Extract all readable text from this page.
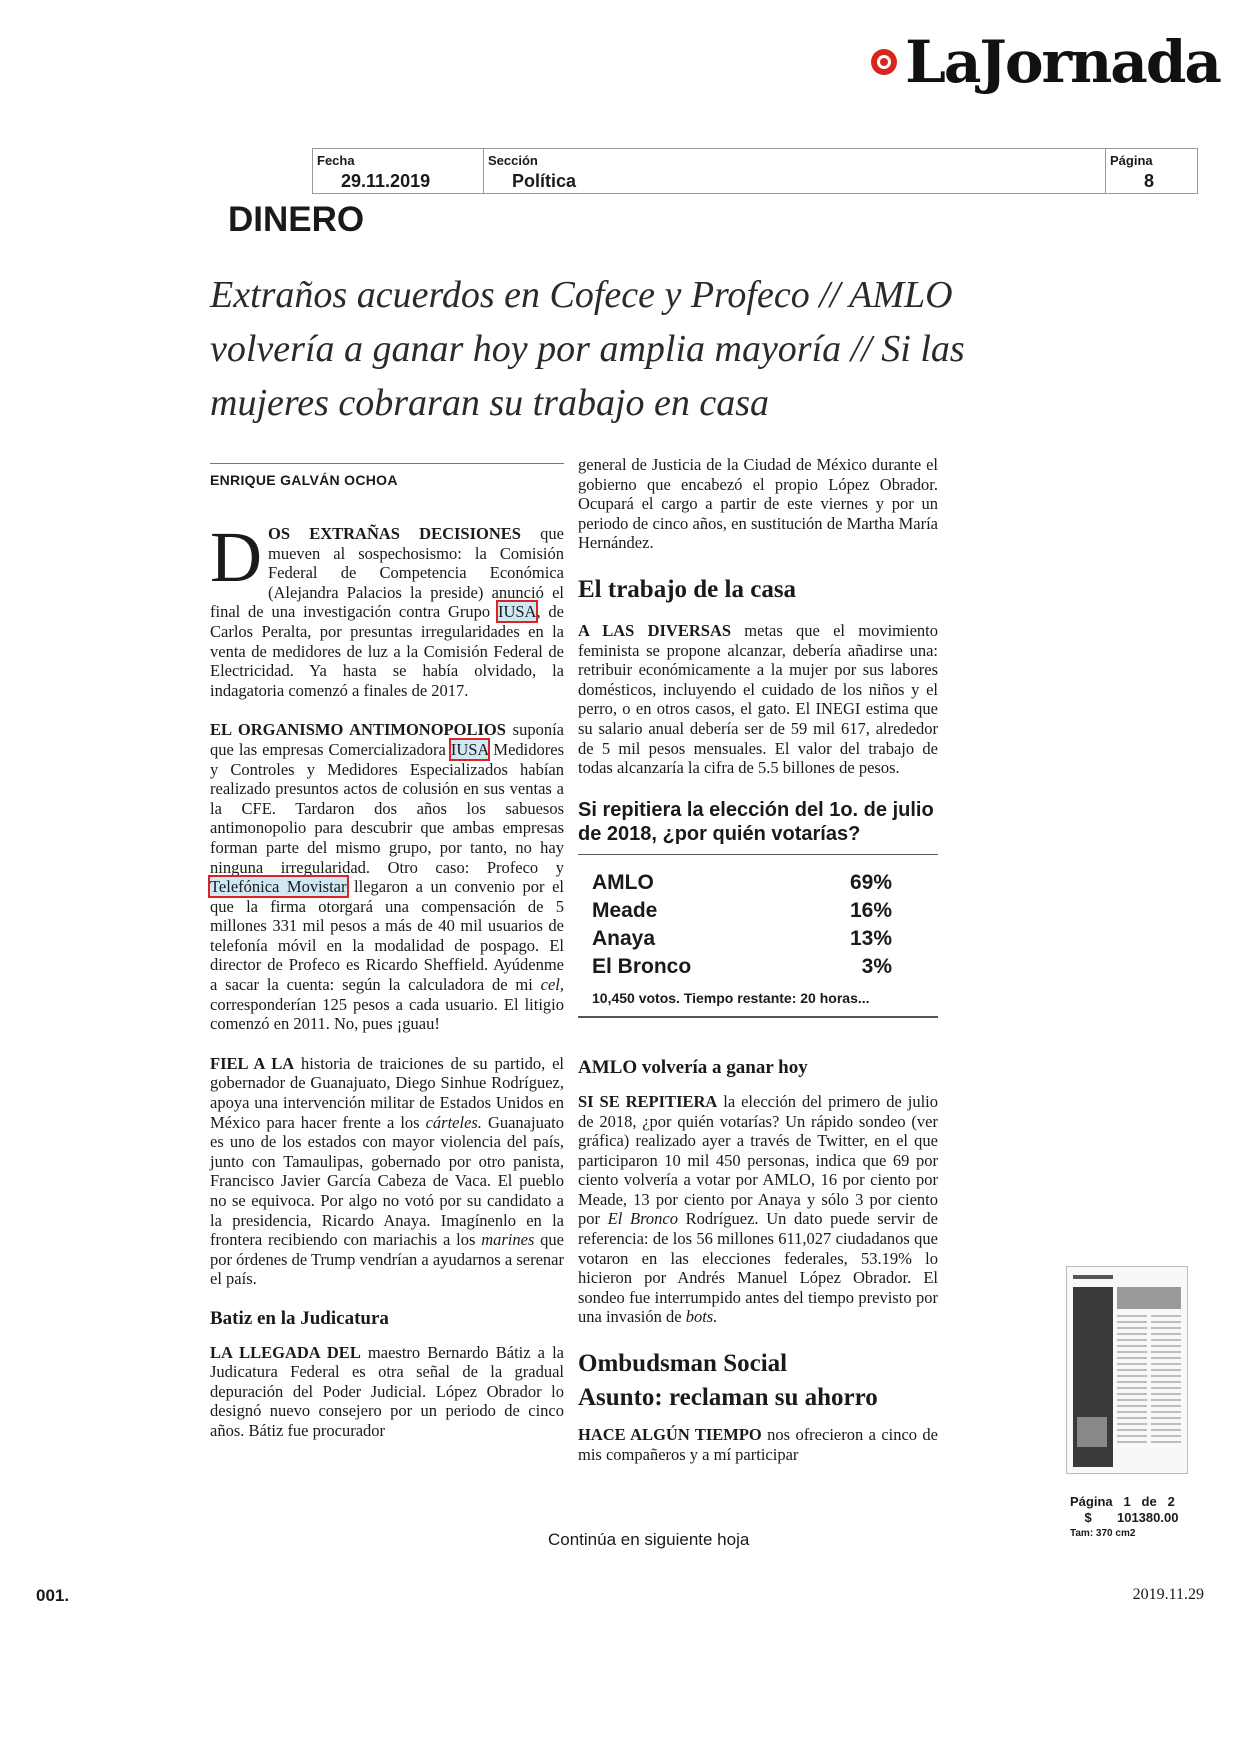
LaJornada
Fecha
29.11.2019
Sección
Política
Página
8
DINERO
Extraños acuerdos en Cofece y Profeco // AMLO volvería a ganar hoy por amplia mayoría // Si las mujeres cobraran su trabajo en casa
ENRIQUE GALVÁN OCHOA

DOS EXTRAÑAS DECISIONES que mueven al sospechosismo: la Comisión Federal de Competencia Económica (Alejandra Palacios la preside) anunció el final de una investigación contra Grupo IUSA, de Carlos Peralta, por presuntas irregularidades en la venta de medidores de luz a la Comisión Federal de Electricidad. Ya hasta se había olvidado, la indagatoria comenzó a finales de 2017.

EL ORGANISMO ANTIMONOPOLIOS suponía que las empresas Comercializadora IUSA Medidores y Controles y Medidores Especializados habían realizado presuntos actos de colusión en sus ventas a la CFE. Tardaron dos años los sabuesos antimonopolio para descubrir que ambas empresas forman parte del mismo grupo, por tanto, no hay ninguna irregularidad. Otro caso: Profeco y Telefónica Movistar llegaron a un convenio por el que la firma otorgará una compensación de 5 millones 331 mil pesos a más de 40 mil usuarios de telefonía móvil en la modalidad de pospago. El director de Profeco es Ricardo Sheffield. Ayúdenme a sacar la cuenta: según la calculadora de mi cel, corresponderían 125 pesos a cada usuario. El litigio comenzó en 2011. No, pues ¡guau!

FIEL A LA historia de traiciones de su partido, el gobernador de Guanajuato, Diego Sinhue Rodríguez, apoya una intervención militar de Estados Unidos en México para hacer frente a los cárteles. Guanajuato es uno de los estados con mayor violencia del país, junto con Tamaulipas, gobernado por otro panista, Francisco Javier García Cabeza de Vaca. El pueblo no se equivoca. Por algo no votó por su candidato a la presidencia, Ricardo Anaya. Imagínenlo en la frontera recibiendo con mariachis a los marines que por órdenes de Trump vendrían a ayudarnos a serenar el país.

Batiz en la Judicatura

LA LLEGADA DEL maestro Bernardo Bátiz a la Judicatura Federal es otra señal de la gradual depuración del Poder Judicial. López Obrador lo designó nuevo consejero por un periodo de cinco años. Bátiz fue procurador

general de Justicia de la Ciudad de México durante el gobierno que encabezó el propio López Obrador. Ocupará el cargo a partir de este viernes y por un periodo de cinco años, en sustitución de Martha María Hernández.

El trabajo de la casa

A LAS DIVERSAS metas que el movimiento feminista se propone alcanzar, debería añadirse una: retribuir económicamente a la mujer por sus labores domésticos, incluyendo el cuidado de los niños y el perro, o en otros casos, el gato. El INEGI estima que su salario anual debería ser de 59 mil 617, alrededor de 5 mil pesos mensuales. El valor del trabajo de todas alcanzaría la cifra de 5.5 billones de pesos.

Si repitiera la elección del 1o. de julio de 2018, ¿por quién votarías?
AMLO	69%
Meade	16%
Anaya	13%
El Bronco	3%
10,450 votos. Tiempo restante: 20 horas...
AMLO volvería a ganar hoy

SI SE REPITIERA la elección del primero de julio de 2018, ¿por quién votarías? Un rápido sondeo (ver gráfica) realizado ayer a través de Twitter, en el que participaron 10 mil 450 personas, indica que 69 por ciento volvería a votar por AMLO, 16 por ciento por Meade, 13 por ciento por Anaya y sólo 3 por ciento por El Bronco Rodríguez. Un dato puede servir de referencia: de los 56 millones 611,027 ciudadanos que votaron en las elecciones federales, 53.19% lo hicieron por Andrés Manuel López Obrador. El sondeo fue interrumpido antes del tiempo previsto por una invasión de bots.

Ombudsman Social
Asunto: reclaman su ahorro

HACE ALGÚN TIEMPO nos ofrecieron a cinco de mis compañeros y a mí participar

Continúa en siguiente hoja
001.	2019.11.29
Página 1 de 2
$ 101380.00
Tam: 370 cm2
